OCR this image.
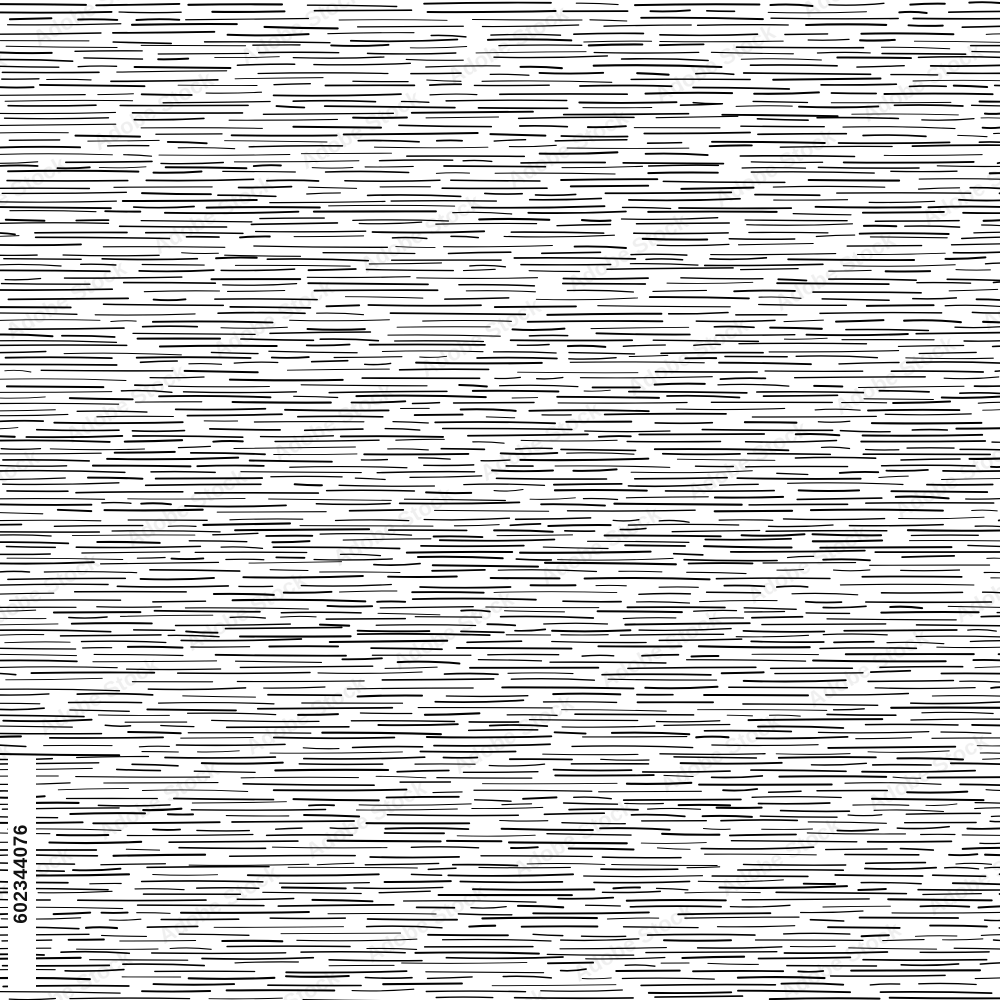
602344076
